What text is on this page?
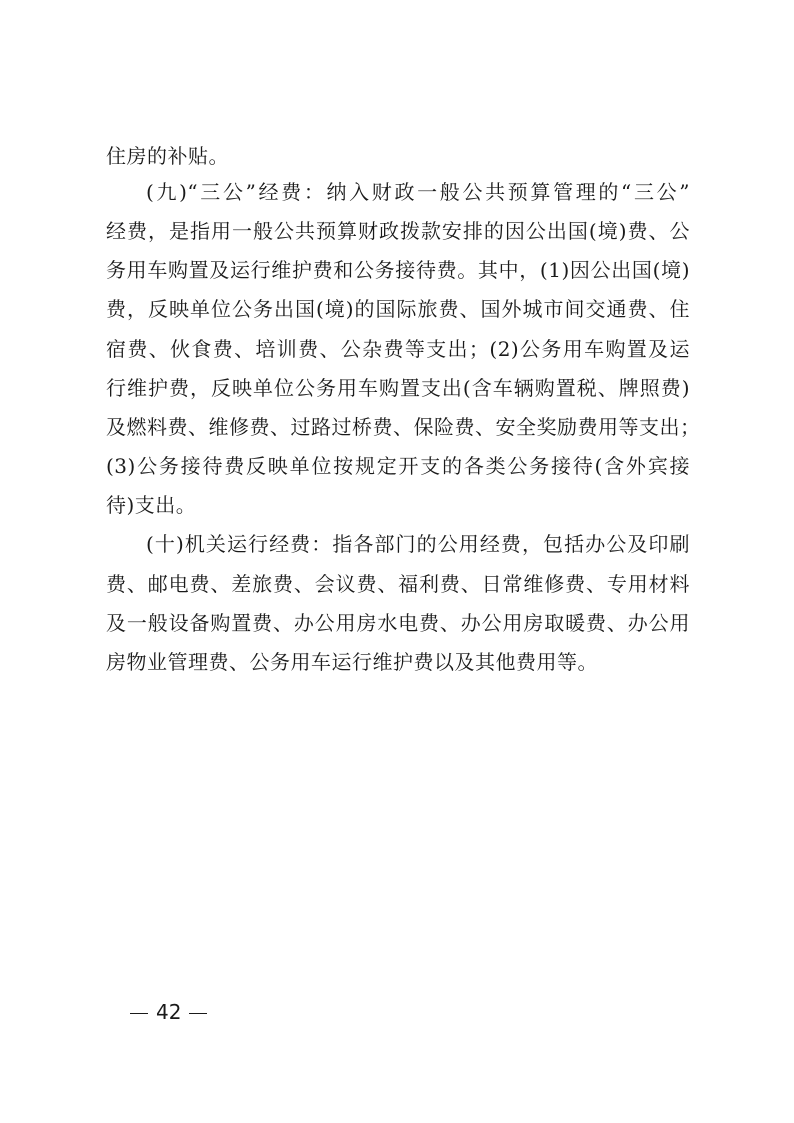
住房的补贴。
(九)“三公”经费：纳入财政一般公共预算管理的“三公”
经费，是指用一般公共预算财政拨款安排的因公出国(境)费、公
务用车购置及运行维护费和公务接待费。其中，(1)因公出国(境)
费，反映单位公务出国(境)的国际旅费、国外城市间交通费、住
宿费、伙食费、培训费、公杂费等支出；(2)公务用车购置及运
行维护费，反映单位公务用车购置支出(含车辆购置税、牌照费)
及燃料费、维修费、过路过桥费、保险费、安全奖励费用等支出；
(3)公务接待费反映单位按规定开支的各类公务接待(含外宾接
待)支出。
(十)机关运行经费：指各部门的公用经费，包括办公及印刷
费、邮电费、差旅费、会议费、福利费、日常维修费、专用材料
及一般设备购置费、办公用房水电费、办公用房取暖费、办公用
房物业管理费、公务用车运行维护费以及其他费用等。
42
